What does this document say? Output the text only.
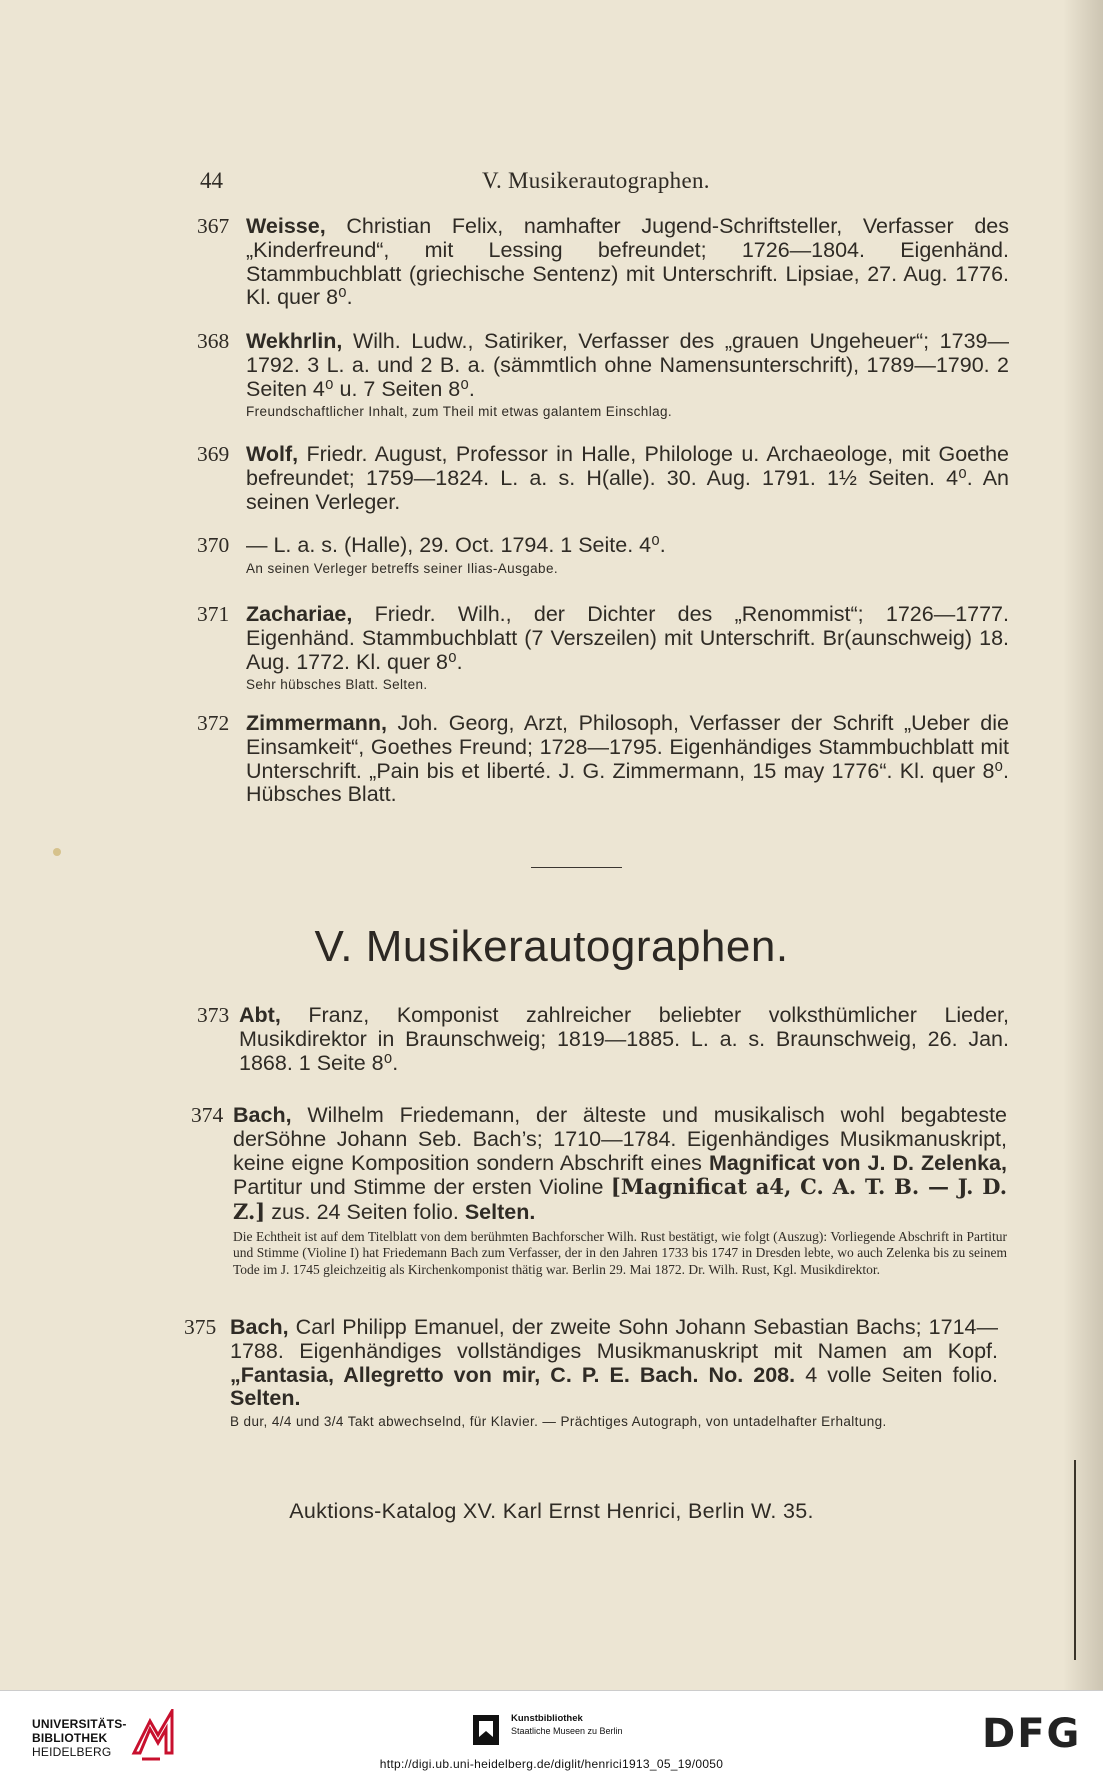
44	V. Musikerautographen.
367 Weisse, Christian Felix, namhafter Jugend-Schriftsteller, Verfasser des „Kinderfreund“, mit Lessing befreundet; 1726—1804. Eigenhänd. Stammbuchblatt (griechische Sentenz) mit Unterschrift. Lipsiae, 27. Aug. 1776. Kl. quer 8⁰.
368 Wekhrlin, Wilh. Ludw., Satiriker, Verfasser des „grauen Ungeheuer“; 1739—1792. 3 L. a. und 2 B. a. (sämmtlich ohne Namensunterschrift), 1789—1790. 2 Seiten 4⁰ u. 7 Seiten 8⁰.
Freundschaftlicher Inhalt, zum Theil mit etwas galantem Einschlag.
369 Wolf, Friedr. August, Professor in Halle, Philologe u. Archaeologe, mit Goethe befreundet; 1759—1824. L. a. s. H(alle). 30. Aug. 1791. 1½ Seiten. 4⁰. An seinen Verleger.
370 — L. a. s. (Halle), 29. Oct. 1794. 1 Seite. 4⁰.
An seinen Verleger betreffs seiner Ilias-Ausgabe.
371 Zachariae, Friedr. Wilh., der Dichter des „Renommist“; 1726—1777. Eigenhänd. Stammbuchblatt (7 Verszeilen) mit Unterschrift. Br(aunschweig) 18. Aug. 1772. Kl. quer 8⁰.
Sehr hübsches Blatt. Selten.
372 Zimmermann, Joh. Georg, Arzt, Philosoph, Verfasser der Schrift „Ueber die Einsamkeit“, Goethes Freund; 1728—1795. Eigenhändiges Stammbuchblatt mit Unterschrift. „Pain bis et liberté. J. G. Zimmermann, 15 may 1776“. Kl. quer 8⁰. Hübsches Blatt.
V. Musikerautographen.
373 Abt, Franz, Komponist zahlreicher beliebter volksthümlicher Lieder, Musikdirektor in Braunschweig; 1819—1885. L. a. s. Braunschweig, 26. Jan. 1868. 1 Seite 8⁰.
374 Bach, Wilhelm Friedemann, der älteste und musikalisch wohl begabteste derSöhne Johann Seb. Bach’s; 1710—1784. Eigenhändiges Musikmanuskript, keine eigne Komposition sondern Abschrift eines Magnificat von J. D. Zelenka, Partitur und Stimme der ersten Violine [Magnificat a4, C. A. T. B. — J. D. Z.] zus. 24 Seiten folio. Selten.
Die Echtheit ist auf dem Titelblatt von dem berühmten Bachforscher Wilh. Rust bestätigt, wie folgt (Auszug): Vorliegende Abschrift in Partitur und Stimme (Violine I) hat Friedemann Bach zum Verfasser, der in den Jahren 1733 bis 1747 in Dresden lebte, wo auch Zelenka bis zu seinem Tode im J. 1745 gleichzeitig als Kirchenkomponist thätig war. Berlin 29. Mai 1872. Dr. Wilh. Rust, Kgl. Musikdirektor.
375 Bach, Carl Philipp Emanuel, der zweite Sohn Johann Sebastian Bachs; 1714—1788. Eigenhändiges vollständiges Musikmanuskript mit Namen am Kopf. „Fantasia, Allegretto von mir, C. P. E. Bach. No. 208. 4 volle Seiten folio. Selten.
B dur, 4/4 und 3/4 Takt abwechselnd, für Klavier. — Prächtiges Autograph, von untadelhafter Erhaltung.
Auktions-Katalog XV. Karl Ernst Henrici, Berlin W. 35.
UNIVERSITÄTS-
BIBLIOTHEK
HEIDELBERG
Kunstbibliothek
Staatliche Museen zu Berlin	DFG
http://digi.ub.uni-heidelberg.de/diglit/henrici1913_05_19/0050
